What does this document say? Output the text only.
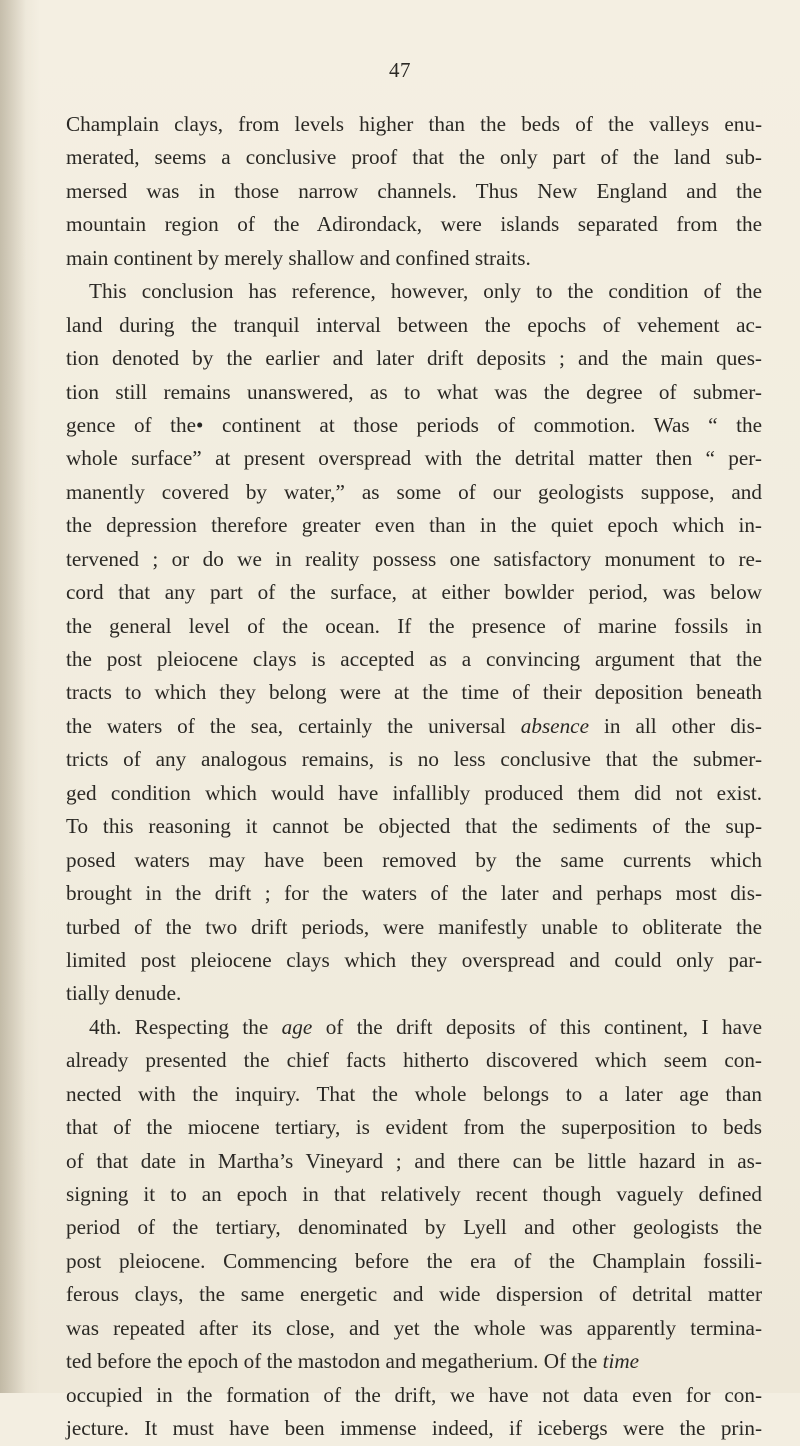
47
Champlain clays, from levels higher than the beds of the valleys enu-
merated, seems a conclusive proof that the only part of the land sub-
mersed was in those narrow channels. Thus New England and the
mountain region of the Adirondack, were islands separated from the
main continent by merely shallow and confined straits.
This conclusion has reference, however, only to the condition of the
land during the tranquil interval between the epochs of vehement ac-
tion denoted by the earlier and later drift deposits ; and the main ques-
tion still remains unanswered, as to what was the degree of submer-
gence of the• continent at those periods of commotion. Was “ the
whole surface” at present overspread with the detrital matter then “ per-
manently covered by water,” as some of our geologists suppose, and
the depression therefore greater even than in the quiet epoch which in-
tervened ; or do we in reality possess one satisfactory monument to re-
cord that any part of the surface, at either bowlder period, was below
the general level of the ocean. If the presence of marine fossils in
the post pleiocene clays is accepted as a convincing argument that the
tracts to which they belong were at the time of their deposition beneath
the waters of the sea, certainly the universal absence in all other dis-
tricts of any analogous remains, is no less conclusive that the submer-
ged condition which would have infallibly produced them did not exist.
To this reasoning it cannot be objected that the sediments of the sup-
posed waters may have been removed by the same currents which
brought in the drift ; for the waters of the later and perhaps most dis-
turbed of the two drift periods, were manifestly unable to obliterate the
limited post pleiocene clays which they overspread and could only par-
tially denude.
4th. Respecting the age of the drift deposits of this continent, I have
already presented the chief facts hitherto discovered which seem con-
nected with the inquiry. That the whole belongs to a later age than
that of the miocene tertiary, is evident from the superposition to beds
of that date in Martha’s Vineyard ; and there can be little hazard in as-
signing it to an epoch in that relatively recent though vaguely defined
period of the tertiary, denominated by Lyell and other geologists the
post pleiocene. Commencing before the era of the Champlain fossili-
ferous clays, the same energetic and wide dispersion of detrital matter
was repeated after its close, and yet the whole was apparently termina-
ted before the epoch of the mastodon and megatherium. Of the time
occupied in the formation of the drift, we have not data even for con-
jecture. It must have been immense indeed, if icebergs were the prin-
